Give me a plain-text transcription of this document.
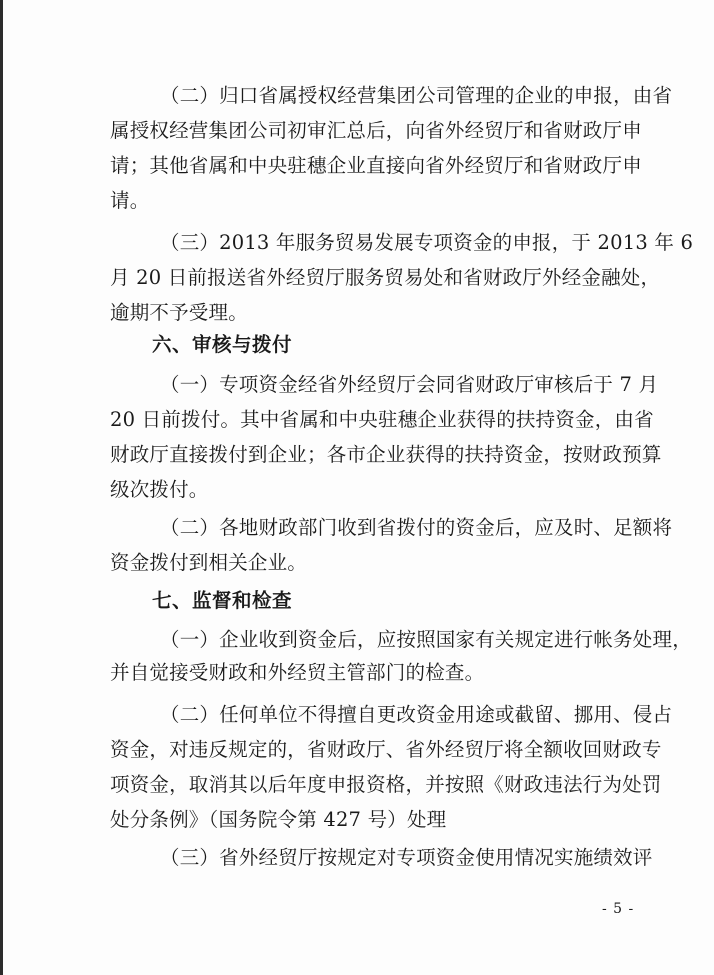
（二）归口省属授权经营集团公司管理的企业的申报，由省
属授权经营集团公司初审汇总后，向省外经贸厅和省财政厅申
请；其他省属和中央驻穗企业直接向省外经贸厅和省财政厅申
请。
（三）2013 年服务贸易发展专项资金的申报，于 2013 年 6
月 20 日前报送省外经贸厅服务贸易处和省财政厅外经金融处，
逾期不予受理。
六、审核与拨付
（一）专项资金经省外经贸厅会同省财政厅审核后于 7 月
20 日前拨付。其中省属和中央驻穗企业获得的扶持资金，由省
财政厅直接拨付到企业；各市企业获得的扶持资金，按财政预算
级次拨付。
（二）各地财政部门收到省拨付的资金后，应及时、足额将
资金拨付到相关企业。
七、监督和检查
（一）企业收到资金后，应按照国家有关规定进行帐务处理，
并自觉接受财政和外经贸主管部门的检查。
（二）任何单位不得擅自更改资金用途或截留、挪用、侵占
资金，对违反规定的，省财政厅、省外经贸厅将全额收回财政专
项资金，取消其以后年度申报资格，并按照《财政违法行为处罚
处分条例》（国务院令第 427 号）处理
（三）省外经贸厅按规定对专项资金使用情况实施绩效评
- 5 -
